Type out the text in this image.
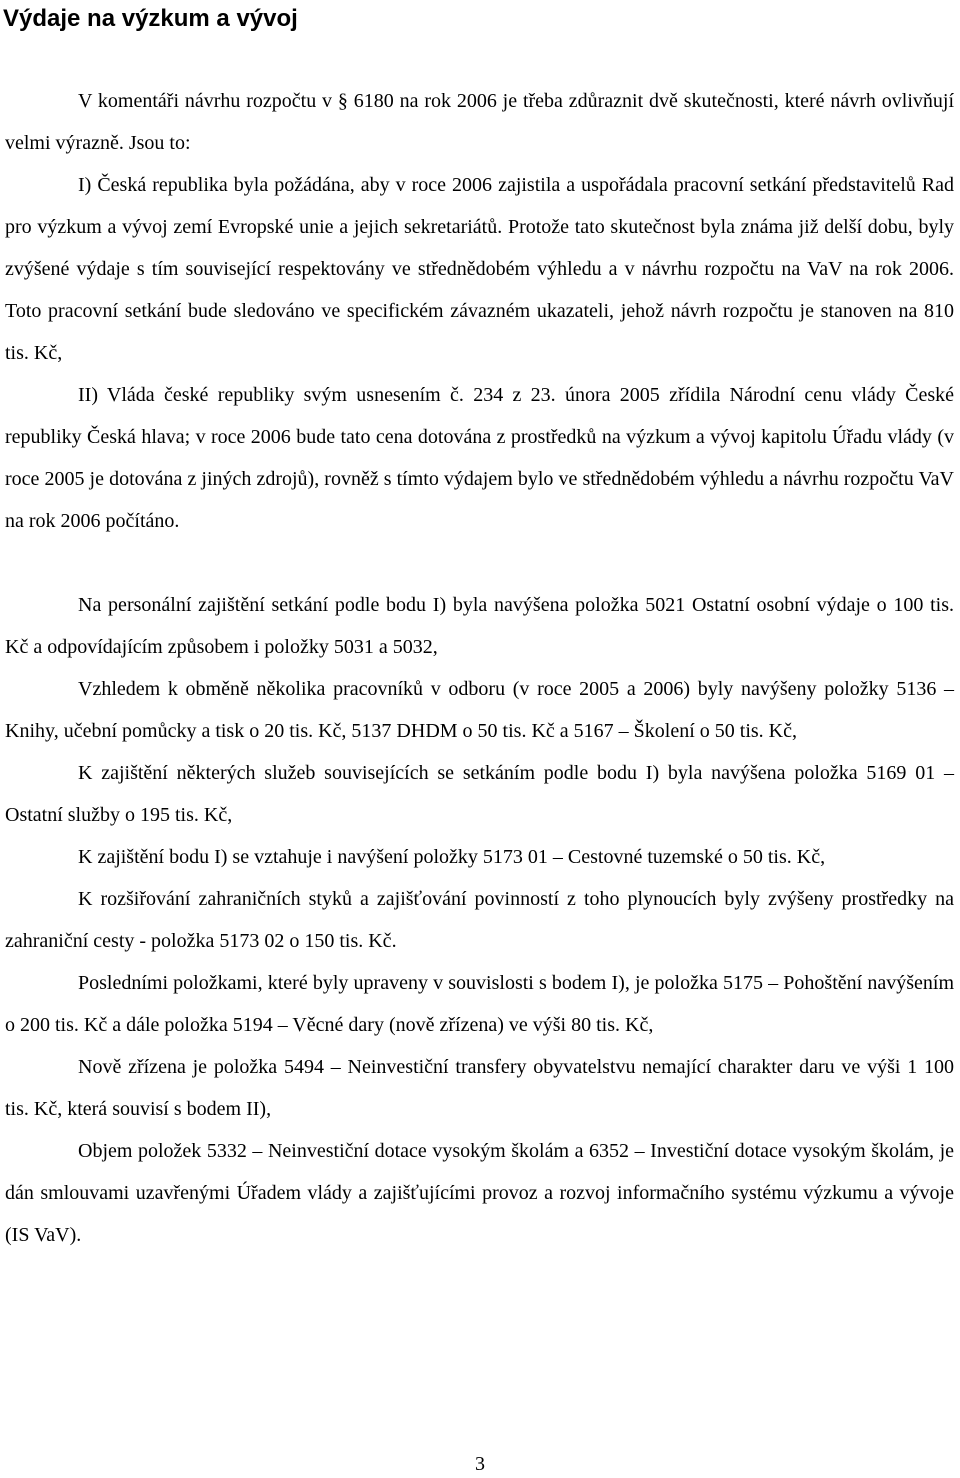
Výdaje na výzkum a vývoj

V komentáři návrhu rozpočtu v § 6180 na rok 2006 je třeba zdůraznit dvě skutečnosti, které návrh ovlivňují velmi výrazně. Jsou to:

I) Česká republika byla požádána, aby v roce 2006 zajistila a uspořádala pracovní setkání představitelů Rad pro výzkum a vývoj zemí Evropské unie a jejich sekretariátů. Protože tato skutečnost byla známa již delší dobu, byly zvýšené výdaje s tím související respektovány ve střednědobém výhledu a v návrhu rozpočtu na VaV na rok 2006. Toto pracovní setkání bude sledováno ve specifickém závazném ukazateli, jehož návrh rozpočtu je stanoven na 810 tis. Kč,

II) Vláda české republiky svým usnesením č. 234 z 23. února 2005 zřídila Národní cenu vlády České republiky Česká hlava; v roce 2006 bude tato cena dotována z prostředků na výzkum a vývoj kapitolu Úřadu vlády (v roce 2005 je dotována z jiných zdrojů), rovněž s tímto výdajem bylo ve střednědobém výhledu a návrhu rozpočtu VaV na rok 2006 počítáno.

Na personální zajištění setkání podle bodu I) byla navýšena položka 5021 Ostatní osobní výdaje o 100 tis. Kč a odpovídajícím způsobem i položky 5031 a 5032,

Vzhledem k obměně několika pracovníků v odboru (v roce 2005 a 2006) byly navýšeny položky 5136 – Knihy, učební pomůcky a tisk o 20 tis. Kč, 5137 DHDM o 50 tis. Kč a 5167 – Školení o 50 tis. Kč,

K zajištění některých služeb souvisejících se setkáním podle bodu I) byla navýšena položka 5169 01 – Ostatní služby o 195 tis. Kč,

K zajištění bodu I) se vztahuje i navýšení položky 5173 01 – Cestovné tuzemské o 50 tis. Kč,

K rozšiřování zahraničních styků a zajišťování povinností z toho plynoucích byly zvýšeny prostředky na zahraniční cesty - položka 5173 02 o 150 tis. Kč.

Posledními položkami, které byly upraveny v souvislosti s bodem I), je položka 5175 – Pohoštění navýšením o 200 tis. Kč a dále položka 5194 – Věcné dary (nově zřízena) ve výši 80 tis. Kč,

Nově zřízena je položka 5494 – Neinvestiční transfery obyvatelstvu nemající charakter daru ve výši 1 100 tis. Kč, která souvisí s bodem II),

Objem položek 5332 – Neinvestiční dotace vysokým školám a 6352 – Investiční dotace vysokým školám, je dán smlouvami uzavřenými Úřadem vlády a zajišťujícími provoz a rozvoj informačního systému výzkumu a vývoje (IS VaV).

3
